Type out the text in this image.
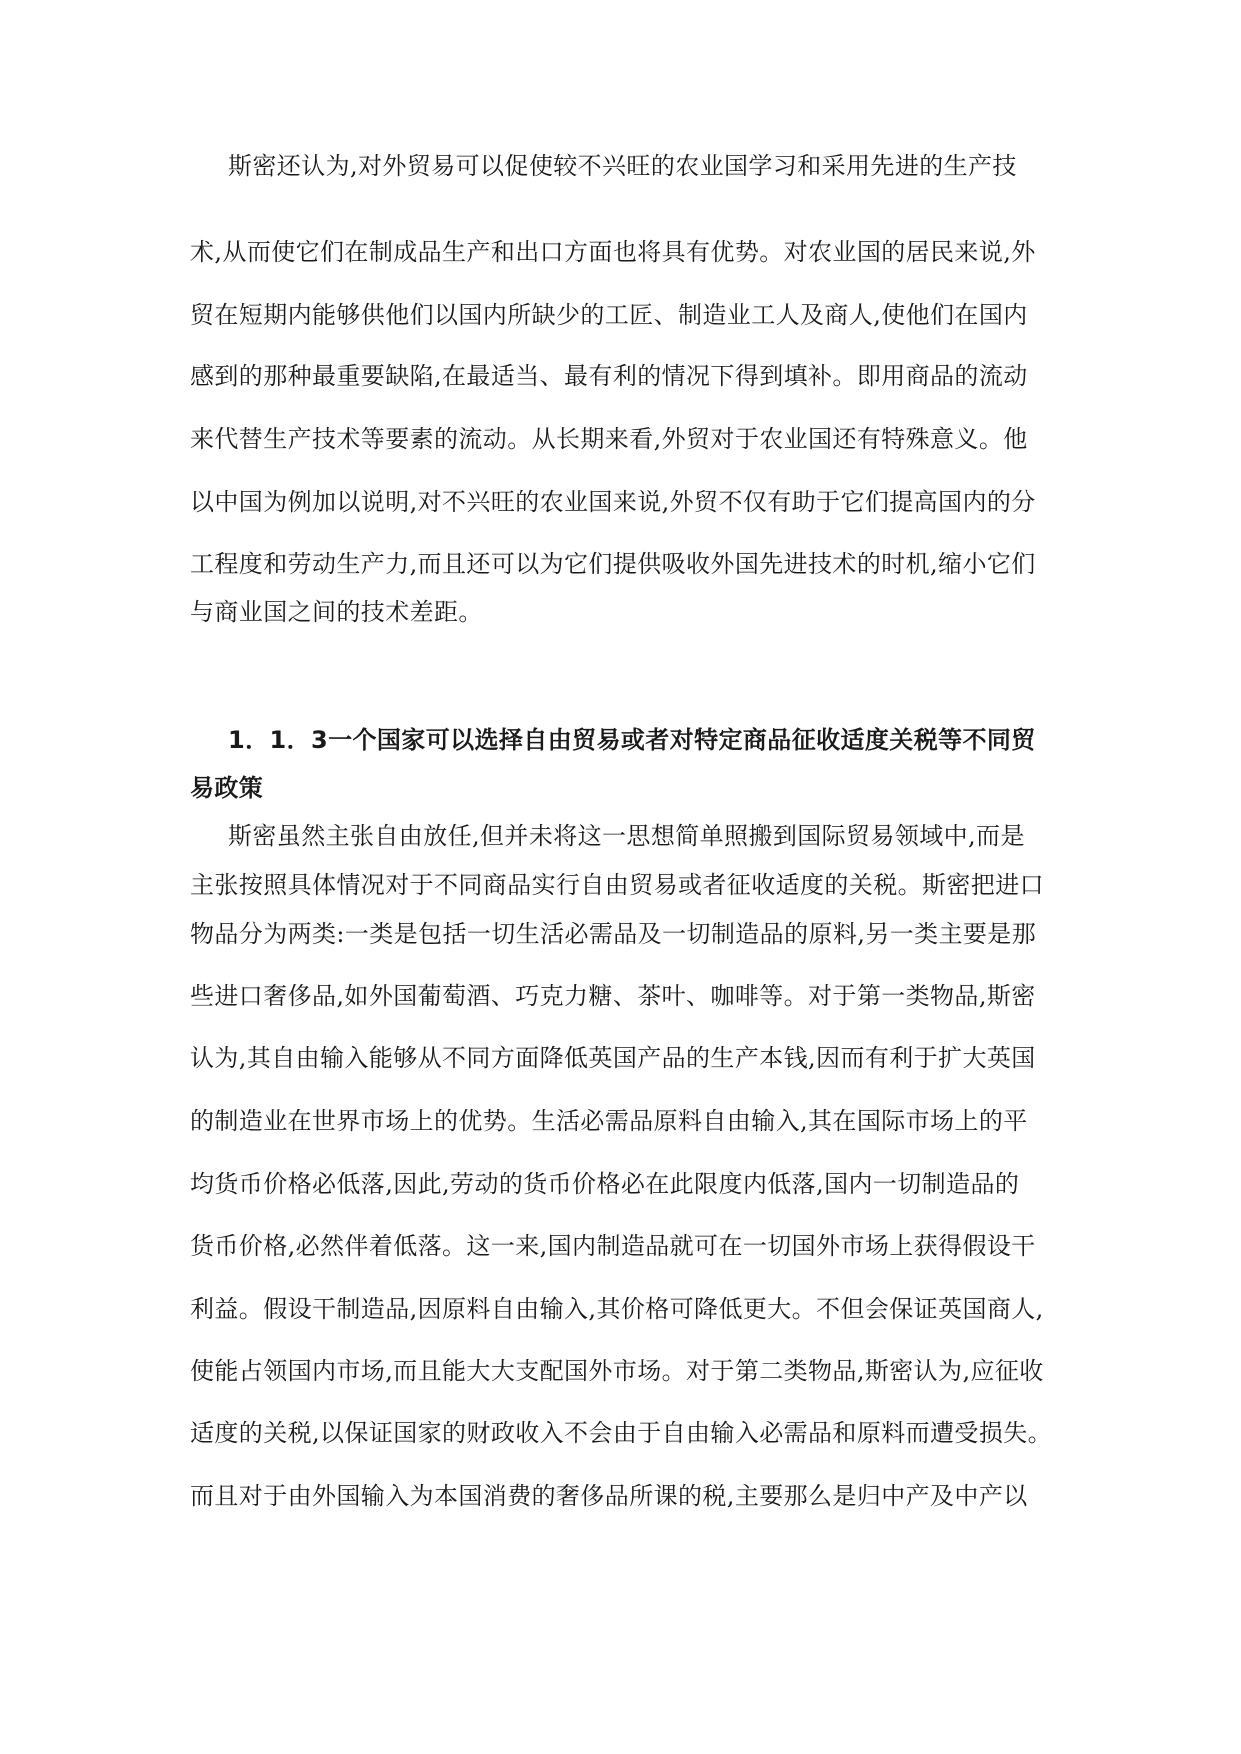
斯密还认为,对外贸易可以促使较不兴旺的农业国学习和采用先进的生产技
术,从而使它们在制成品生产和出口方面也将具有优势。对农业国的居民来说,外
贸在短期内能够供他们以国内所缺少的工匠、制造业工人及商人,使他们在国内
感到的那种最重要缺陷,在最适当、最有利的情况下得到填补。即用商品的流动
来代替生产技术等要素的流动。从长期来看,外贸对于农业国还有特殊意义。他
以中国为例加以说明,对不兴旺的农业国来说,外贸不仅有助于它们提高国内的分
工程度和劳动生产力,而且还可以为它们提供吸收外国先进技术的时机,缩小它们
与商业国之间的技术差距。
1．1．3一个国家可以选择自由贸易或者对特定商品征收适度关税等不同贸
易政策
斯密虽然主张自由放任,但并未将这一思想简单照搬到国际贸易领域中,而是
主张按照具体情况对于不同商品实行自由贸易或者征收适度的关税。斯密把进口
物品分为两类:一类是包括一切生活必需品及一切制造品的原料,另一类主要是那
些进口奢侈品,如外国葡萄酒、巧克力糖、茶叶、咖啡等。对于第一类物品,斯密
认为,其自由输入能够从不同方面降低英国产品的生产本钱,因而有利于扩大英国
的制造业在世界市场上的优势。生活必需品原料自由输入,其在国际市场上的平
均货币价格必低落,因此,劳动的货币价格必在此限度内低落,国内一切制造品的
货币价格,必然伴着低落。这一来,国内制造品就可在一切国外市场上获得假设干
利益。假设干制造品,因原料自由输入,其价格可降低更大。不但会保证英国商人,
使能占领国内市场,而且能大大支配国外市场。对于第二类物品,斯密认为,应征收
适度的关税,以保证国家的财政收入不会由于自由输入必需品和原料而遭受损失。
而且对于由外国输入为本国消费的奢侈品所课的税,主要那么是归中产及中产以
